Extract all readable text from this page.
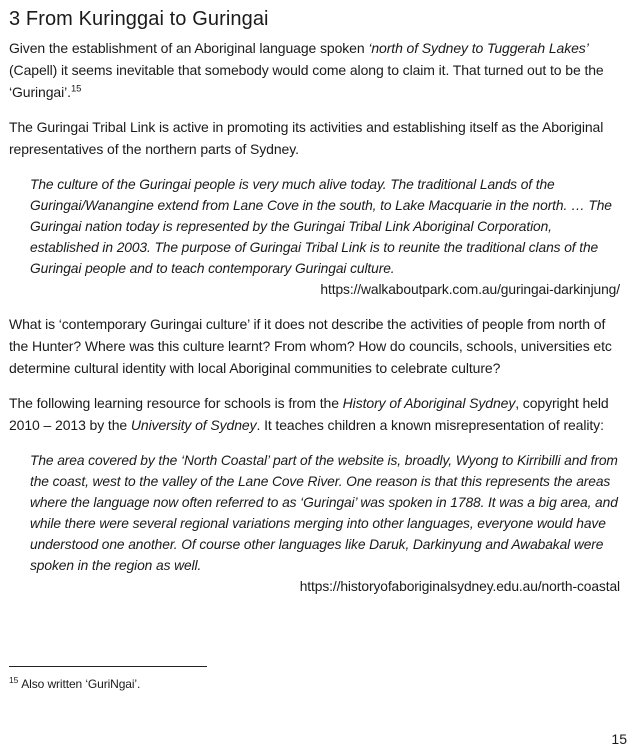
3 From Kuringgai to Guringai

Given the establishment of an Aboriginal language spoken ‘north of Sydney to Tuggerah Lakes’ (Capell) it seems inevitable that somebody would come along to claim it. That turned out to be the ‘Guringai’.$^{15}$

The Guringai Tribal Link is active in promoting its activities and establishing itself as the Aboriginal representatives of the northern parts of Sydney.

The culture of the Guringai people is very much alive today. The traditional Lands of the Guringai/Wanangine extend from Lane Cove in the south, to Lake Macquarie in the north. … The Guringai nation today is represented by the Guringai Tribal Link Aboriginal Corporation, established in 2003. The purpose of Guringai Tribal Link is to reunite the traditional clans of the Guringai people and to teach contemporary Guringai culture.
https://walkaboutpark.com.au/guringai-darkinjung/

What is ‘contemporary Guringai culture’ if it does not describe the activities of people from north of the Hunter? Where was this culture learnt? From whom? How do councils, schools, universities etc determine cultural identity with local Aboriginal communities to celebrate culture?

The following learning resource for schools is from the History of Aboriginal Sydney, copyright held 2010 – 2013 by the University of Sydney. It teaches children a known misrepresentation of reality:

The area covered by the ‘North Coastal’ part of the website is, broadly, Wyong to Kirribilli and from the coast, west to the valley of the Lane Cove River. One reason is that this represents the areas where the language now often referred to as ‘Guringai’ was spoken in 1788. It was a big area, and while there were several regional variations merging into other languages, everyone would have understood one another. Of course other languages like Daruk, Darkinyung and Awabakal were spoken in the region as well.
https://historyofaboriginalsydney.edu.au/north-coastal
$^{15}$ Also written ‘GuriNgai’.
15
